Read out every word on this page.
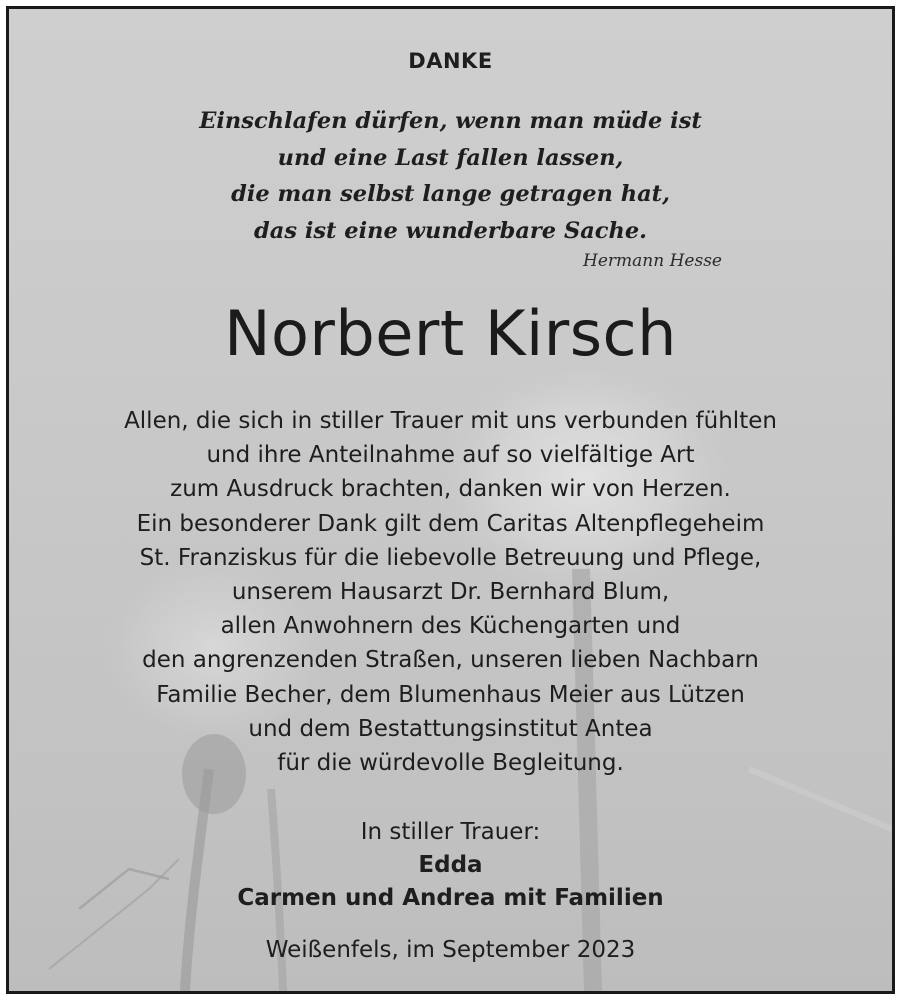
DANKE
Einschlafen dürfen, wenn man müde ist
und eine Last fallen lassen,
die man selbst lange getragen hat,
das ist eine wunderbare Sache.
Hermann Hesse
Norbert Kirsch
Allen, die sich in stiller Trauer mit uns verbunden fühlten
und ihre Anteilnahme auf so vielfältige Art
zum Ausdruck brachten, danken wir von Herzen.
Ein besonderer Dank gilt dem Caritas Altenpflegeheim
St. Franziskus für die liebevolle Betreuung und Pflege,
unserem Hausarzt Dr. Bernhard Blum,
allen Anwohnern des Küchengarten und
den angrenzenden Straßen, unseren lieben Nachbarn
Familie Becher, dem Blumenhaus Meier aus Lützen
und dem Bestattungsinstitut Antea
für die würdevolle Begleitung.
In stiller Trauer:
Edda
Carmen und Andrea mit Familien
Weißenfels, im September 2023
